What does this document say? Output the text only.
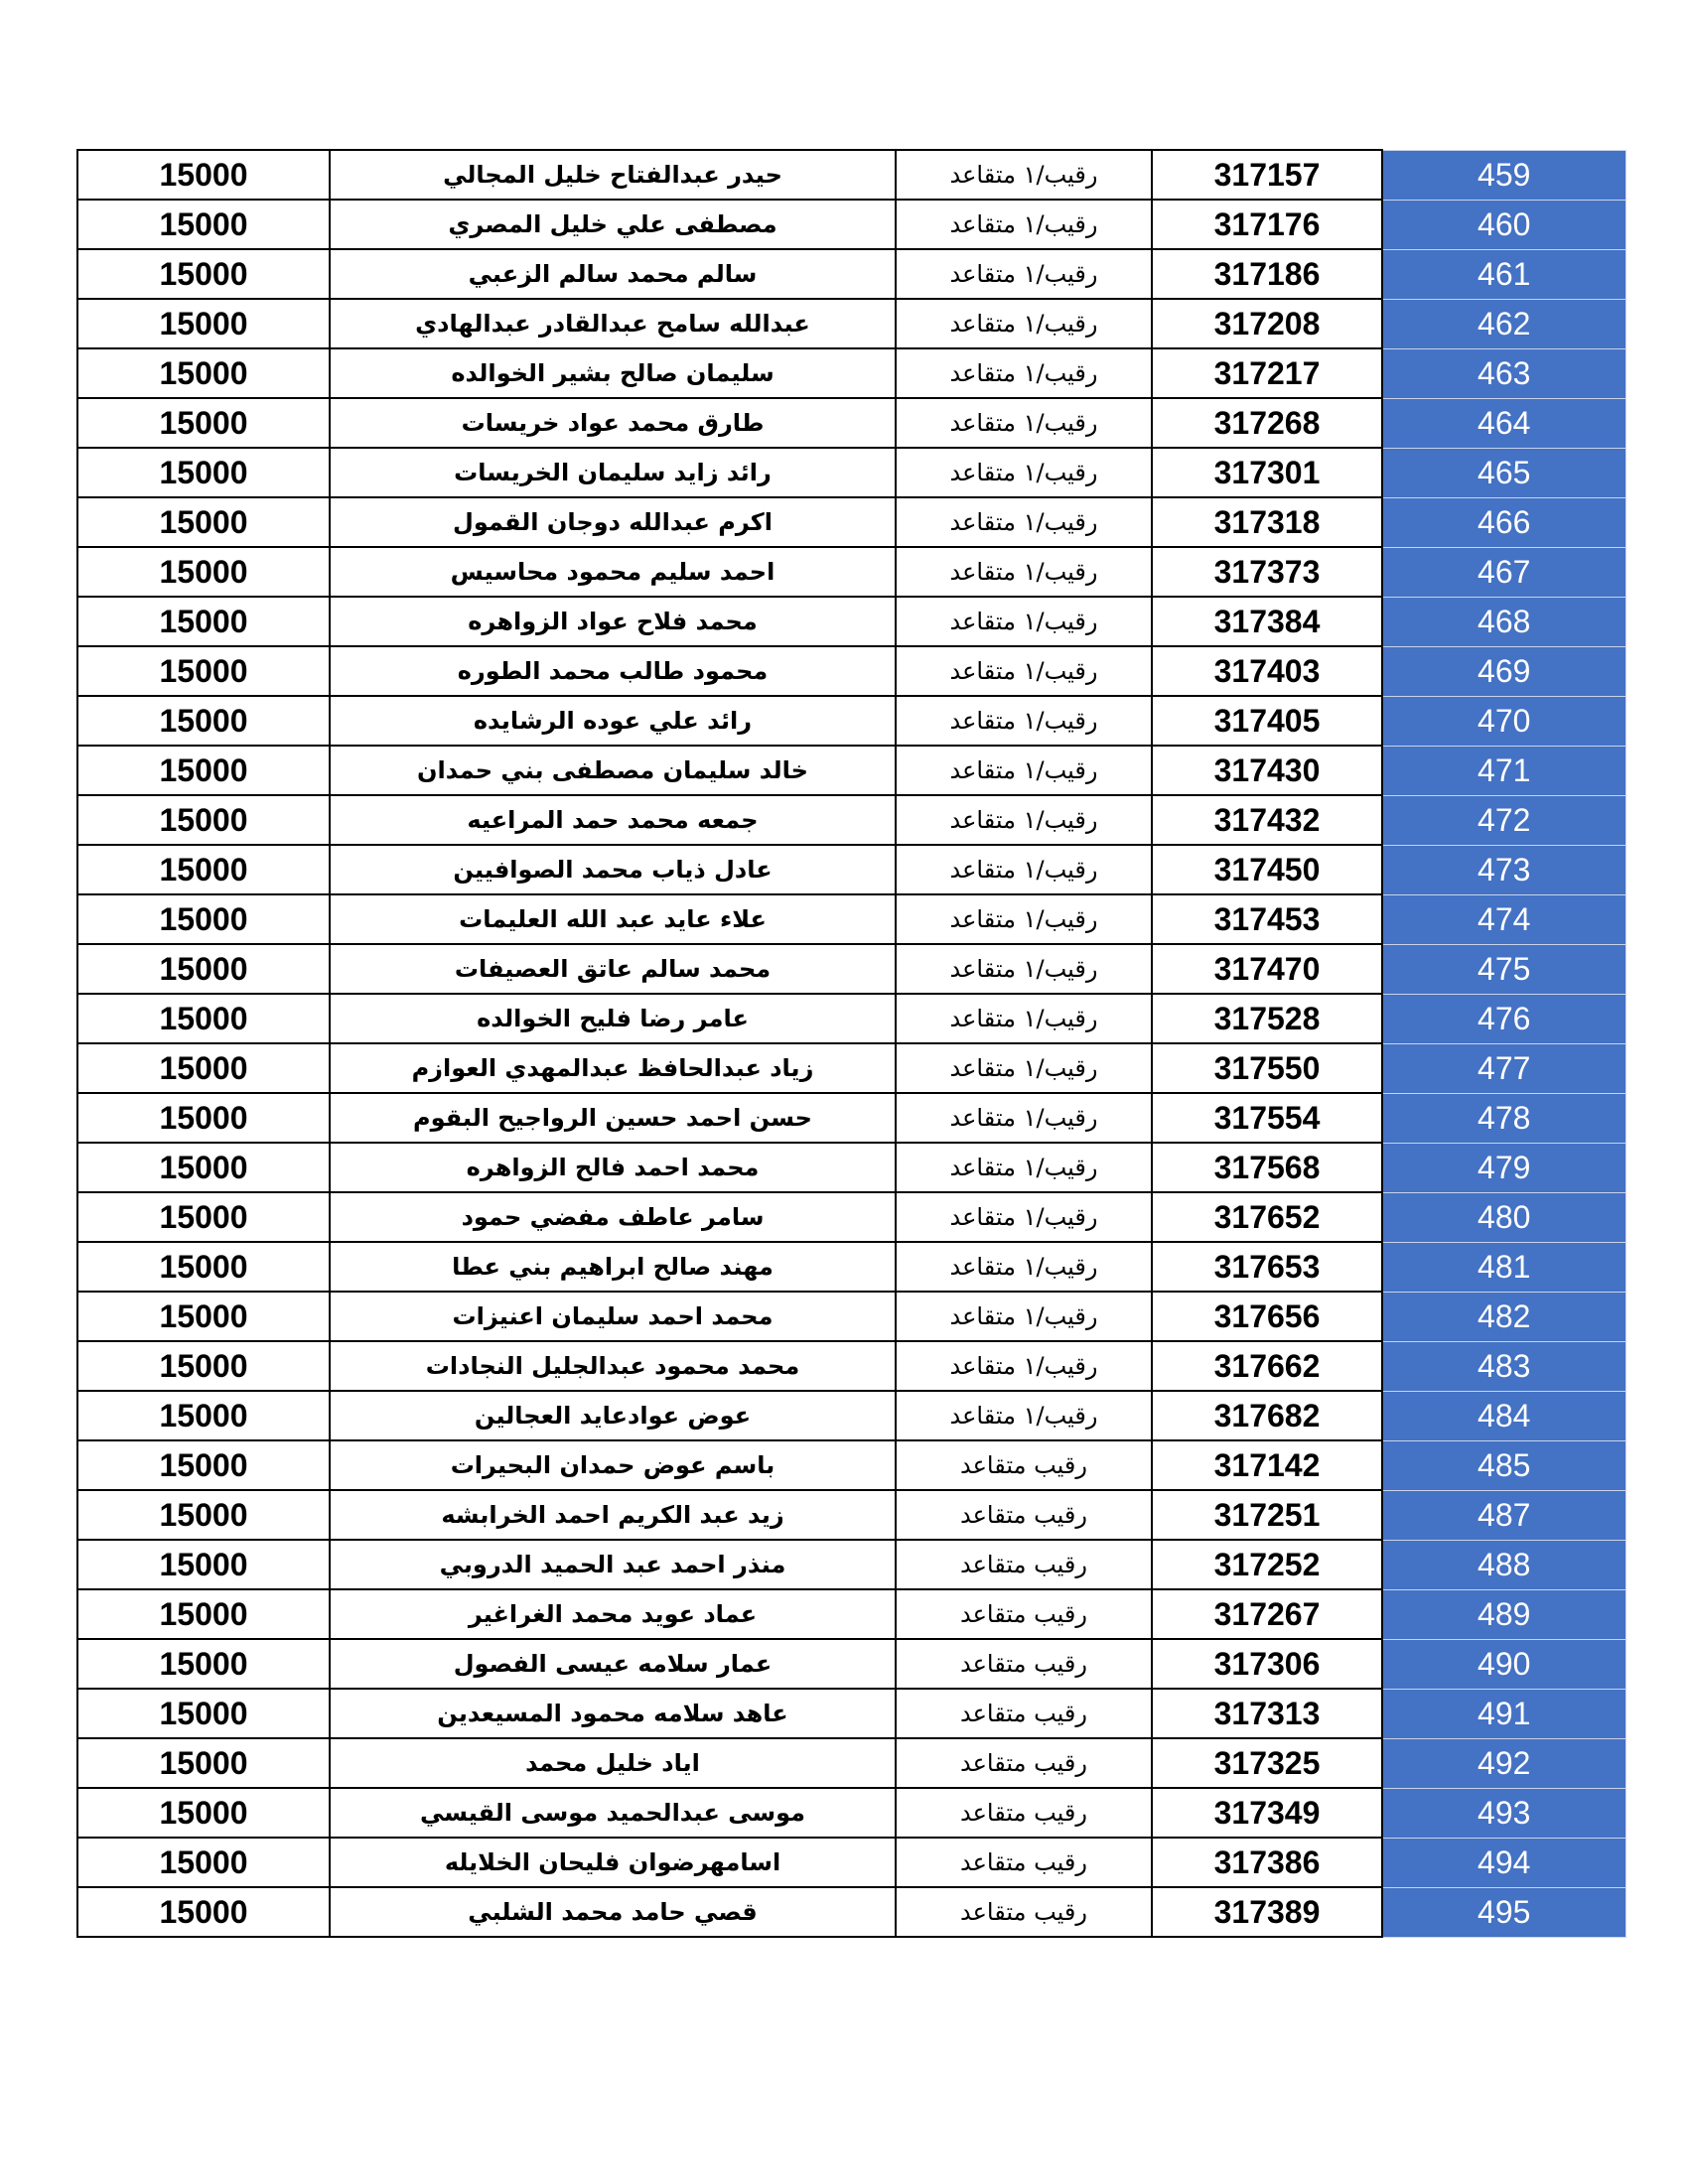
15000	حيدر عبدالفتاح خليل المجالي	رقيب/١ متقاعد	317157	459
15000	مصطفى علي خليل المصري	رقيب/١ متقاعد	317176	460
15000	سالم محمد سالم الزعبي	رقيب/١ متقاعد	317186	461
15000	عبدالله سامح عبدالقادر عبدالهادي	رقيب/١ متقاعد	317208	462
15000	سليمان صالح بشير الخوالده	رقيب/١ متقاعد	317217	463
15000	طارق محمد عواد خريسات	رقيب/١ متقاعد	317268	464
15000	رائد زايد سليمان الخريسات	رقيب/١ متقاعد	317301	465
15000	اكرم عبدالله دوجان القمول	رقيب/١ متقاعد	317318	466
15000	احمد سليم محمود محاسيس	رقيب/١ متقاعد	317373	467
15000	محمد فلاح عواد الزواهره	رقيب/١ متقاعد	317384	468
15000	محمود طالب محمد الطوره	رقيب/١ متقاعد	317403	469
15000	رائد علي عوده الرشايده	رقيب/١ متقاعد	317405	470
15000	خالد سليمان مصطفى بني حمدان	رقيب/١ متقاعد	317430	471
15000	جمعه محمد حمد المراعيه	رقيب/١ متقاعد	317432	472
15000	عادل ذياب محمد الصوافيين	رقيب/١ متقاعد	317450	473
15000	علاء عايد عبد الله العليمات	رقيب/١ متقاعد	317453	474
15000	محمد سالم عاتق العصيفات	رقيب/١ متقاعد	317470	475
15000	عامر رضا فليح الخوالده	رقيب/١ متقاعد	317528	476
15000	زياد عبدالحافظ عبدالمهدي العوازم	رقيب/١ متقاعد	317550	477
15000	حسن احمد حسين الرواجيح البقوم	رقيب/١ متقاعد	317554	478
15000	محمد احمد فالح الزواهره	رقيب/١ متقاعد	317568	479
15000	سامر عاطف مفضي حمود	رقيب/١ متقاعد	317652	480
15000	مهند صالح ابراهيم بني عطا	رقيب/١ متقاعد	317653	481
15000	محمد احمد سليمان اعنيزات	رقيب/١ متقاعد	317656	482
15000	محمد محمود عبدالجليل النجادات	رقيب/١ متقاعد	317662	483
15000	عوض عوادعايد العجالين	رقيب/١ متقاعد	317682	484
15000	باسم عوض حمدان البحيرات	رقيب متقاعد	317142	485
15000	زيد عبد الكريم احمد الخرابشه	رقيب متقاعد	317251	487
15000	منذر احمد عبد الحميد الدروبي	رقيب متقاعد	317252	488
15000	عماد عويد محمد الغراغير	رقيب متقاعد	317267	489
15000	عمار سلامه عيسى الفصول	رقيب متقاعد	317306	490
15000	عاهد سلامه محمود المسيعدين	رقيب متقاعد	317313	491
15000	اياد خليل محمد	رقيب متقاعد	317325	492
15000	موسى عبدالحميد موسى القيسي	رقيب متقاعد	317349	493
15000	اسامهرضوان فليحان الخلايله	رقيب متقاعد	317386	494
15000	قصي حامد محمد الشلبي	رقيب متقاعد	317389	495
